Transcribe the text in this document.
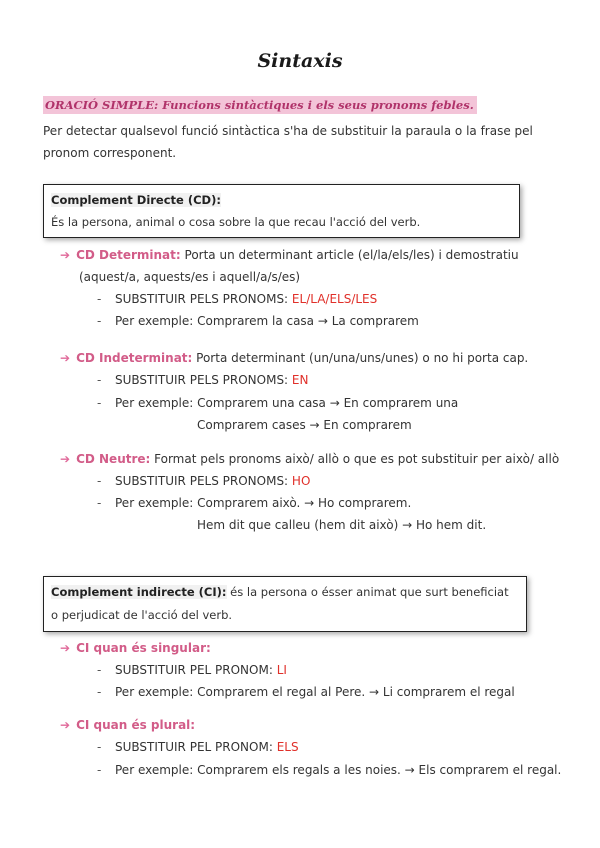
Sintaxis
ORACIÓ SIMPLE: Funcions sintàctiques i els seus pronoms febles.
Per detectar qualsevol funció sintàctica s'ha de substituir la paraula o la frase pel
pronom corresponent.
Complement Directe (CD):
És la persona, animal o cosa sobre la que recau l'acció del verb.
➔ CD Determinat: Porta un determinant article (el/la/els/les) i demostratiu
(aquest/a, aquests/es i aquell/a/s/es)
- SUBSTITUIR PELS PRONOMS: EL/LA/ELS/LES
- Per exemple: Comprarem la casa → La comprarem
➔ CD Indeterminat: Porta determinant (un/una/uns/unes) o no hi porta cap.
- SUBSTITUIR PELS PRONOMS: EN
- Per exemple: Comprarem una casa → En comprarem una
Comprarem cases → En comprarem
➔ CD Neutre: Format pels pronoms això/ allò o que es pot substituir per això/ allò
- SUBSTITUIR PELS PRONOMS: HO
- Per exemple: Comprarem això. → Ho comprarem.
Hem dit que calleu (hem dit això) → Ho hem dit.
Complement indirecte (CI): és la persona o ésser animat que surt beneficiat
o perjudicat de l'acció del verb.
➔ CI quan és singular:
- SUBSTITUIR PEL PRONOM: LI
- Per exemple: Comprarem el regal al Pere. → Li comprarem el regal
➔ CI quan és plural:
- SUBSTITUIR PEL PRONOM: ELS
- Per exemple: Comprarem els regals a les noies. → Els comprarem el regal.
